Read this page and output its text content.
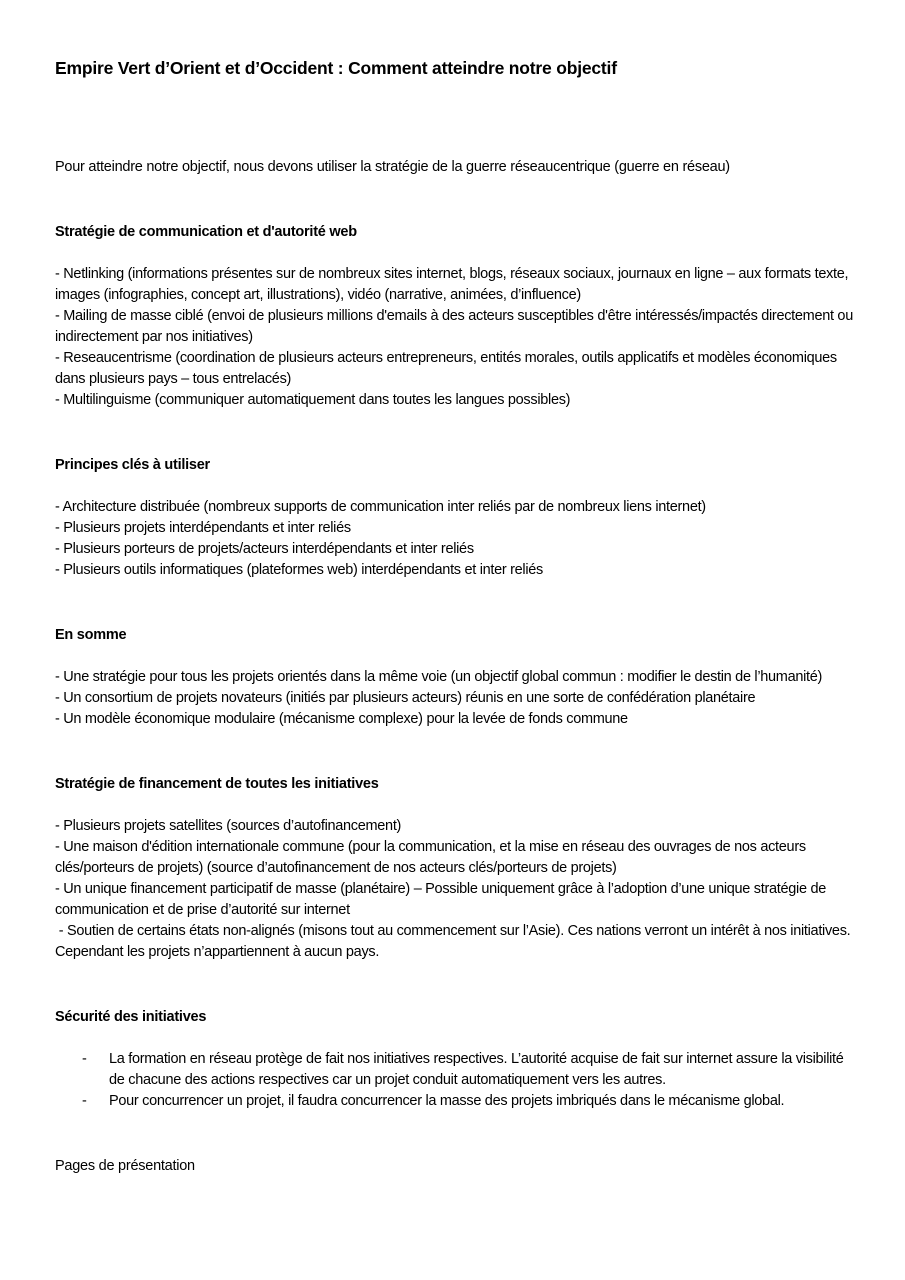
Empire Vert d’Orient et d’Occident : Comment atteindre notre objectif
Pour atteindre notre objectif, nous devons utiliser la stratégie de la guerre réseaucentrique (guerre en réseau)
Stratégie de communication et d'autorité web
- Netlinking (informations présentes sur de nombreux sites internet, blogs, réseaux sociaux, journaux en ligne – aux formats texte, images (infographies, concept art, illustrations), vidéo (narrative, animées, d’influence)
- Mailing de masse ciblé (envoi de plusieurs millions d'emails à des acteurs susceptibles d'être intéressés/impactés directement ou indirectement par nos initiatives)
- Reseaucentrisme (coordination de plusieurs acteurs entrepreneurs, entités morales, outils applicatifs et modèles économiques dans plusieurs pays – tous entrelacés)
- Multilinguisme (communiquer automatiquement dans toutes les langues possibles)
Principes clés à utiliser
- Architecture distribuée (nombreux supports de communication inter reliés par de nombreux liens internet)
- Plusieurs projets interdépendants et inter reliés
- Plusieurs porteurs de projets/acteurs interdépendants et inter reliés
- Plusieurs outils informatiques (plateformes web) interdépendants et inter reliés
En somme
- Une stratégie pour tous les projets orientés dans la même voie (un objectif global commun : modifier le destin de l’humanité)
- Un consortium de projets novateurs (initiés par plusieurs acteurs) réunis en une sorte de confédération planétaire
- Un modèle économique modulaire (mécanisme complexe) pour la levée de fonds commune
Stratégie de financement de toutes les initiatives
- Plusieurs projets satellites (sources d’autofinancement)
- Une maison d'édition internationale commune (pour la communication, et la mise en réseau des ouvrages de nos acteurs clés/porteurs de projets) (source d’autofinancement de nos acteurs clés/porteurs de projets)
- Un unique financement participatif de masse (planétaire) – Possible uniquement grâce à l’adoption d’une unique stratégie de communication et de prise d’autorité sur internet
- Soutien de certains états non-alignés (misons tout au commencement sur l’Asie). Ces nations verront un intérêt à nos initiatives. Cependant les projets n’appartiennent à aucun pays.
Sécurité des initiatives
- La formation en réseau protège de fait nos initiatives respectives. L’autorité acquise de fait sur internet assure la visibilité de chacune des actions respectives car un projet conduit automatiquement vers les autres.
- Pour concurrencer un projet, il faudra concurrencer la masse des projets imbriqués dans le mécanisme global.
Pages de présentation
